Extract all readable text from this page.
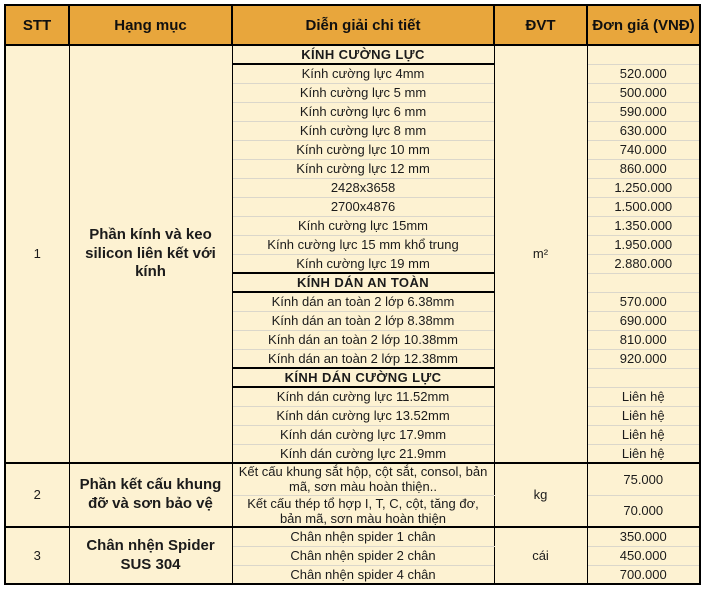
STT	Hạng mục	Diễn giải chi tiết	ĐVT	Đơn giá (VNĐ)
1	Phần kính và keo silicon liên kết với kính	KÍNH CƯỜNG LỰC	m²	
		Kính cường lực 4mm		520.000
		Kính cường lực 5 mm		500.000
		Kính cường lực 6 mm		590.000
		Kính cường lực 8 mm		630.000
		Kính cường lực 10 mm		740.000
		Kính cường lực 12 mm		860.000
		2428x3658		1.250.000
		2700x4876		1.500.000
		Kính cường lực 15mm		1.350.000
		Kính cường lực 15 mm khổ trung		1.950.000
		Kính cường lực 19 mm		2.880.000
		KÍNH DÁN AN TOÀN		
		Kính dán an toàn 2 lớp 6.38mm		570.000
		Kính dán an toàn 2 lớp 8.38mm		690.000
		Kính dán an toàn 2 lớp 10.38mm		810.000
		Kính dán an toàn 2 lớp 12.38mm		920.000
		KÍNH DÁN CƯỜNG LỰC		
		Kính dán cường lực 11.52mm		Liên hệ
		Kính dán cường lực 13.52mm		Liên hệ
		Kính dán cường lực 17.9mm		Liên hệ
		Kính dán cường lực 21.9mm		Liên hệ
2	Phần kết cấu khung đỡ và sơn bảo vệ	Kết cấu khung sắt hộp, cột sắt, consol, bản mã, sơn màu hoàn thiện..	kg	75.000
		Kết cấu thép tổ hợp I, T, C, cột, tăng đơ, bản mã, sơn màu hoàn thiện		70.000
3	Chân nhện Spider SUS 304	Chân nhện spider 1 chân	cái	350.000
		Chân nhện spider 2 chân		450.000
		Chân nhện spider 4 chân		700.000
